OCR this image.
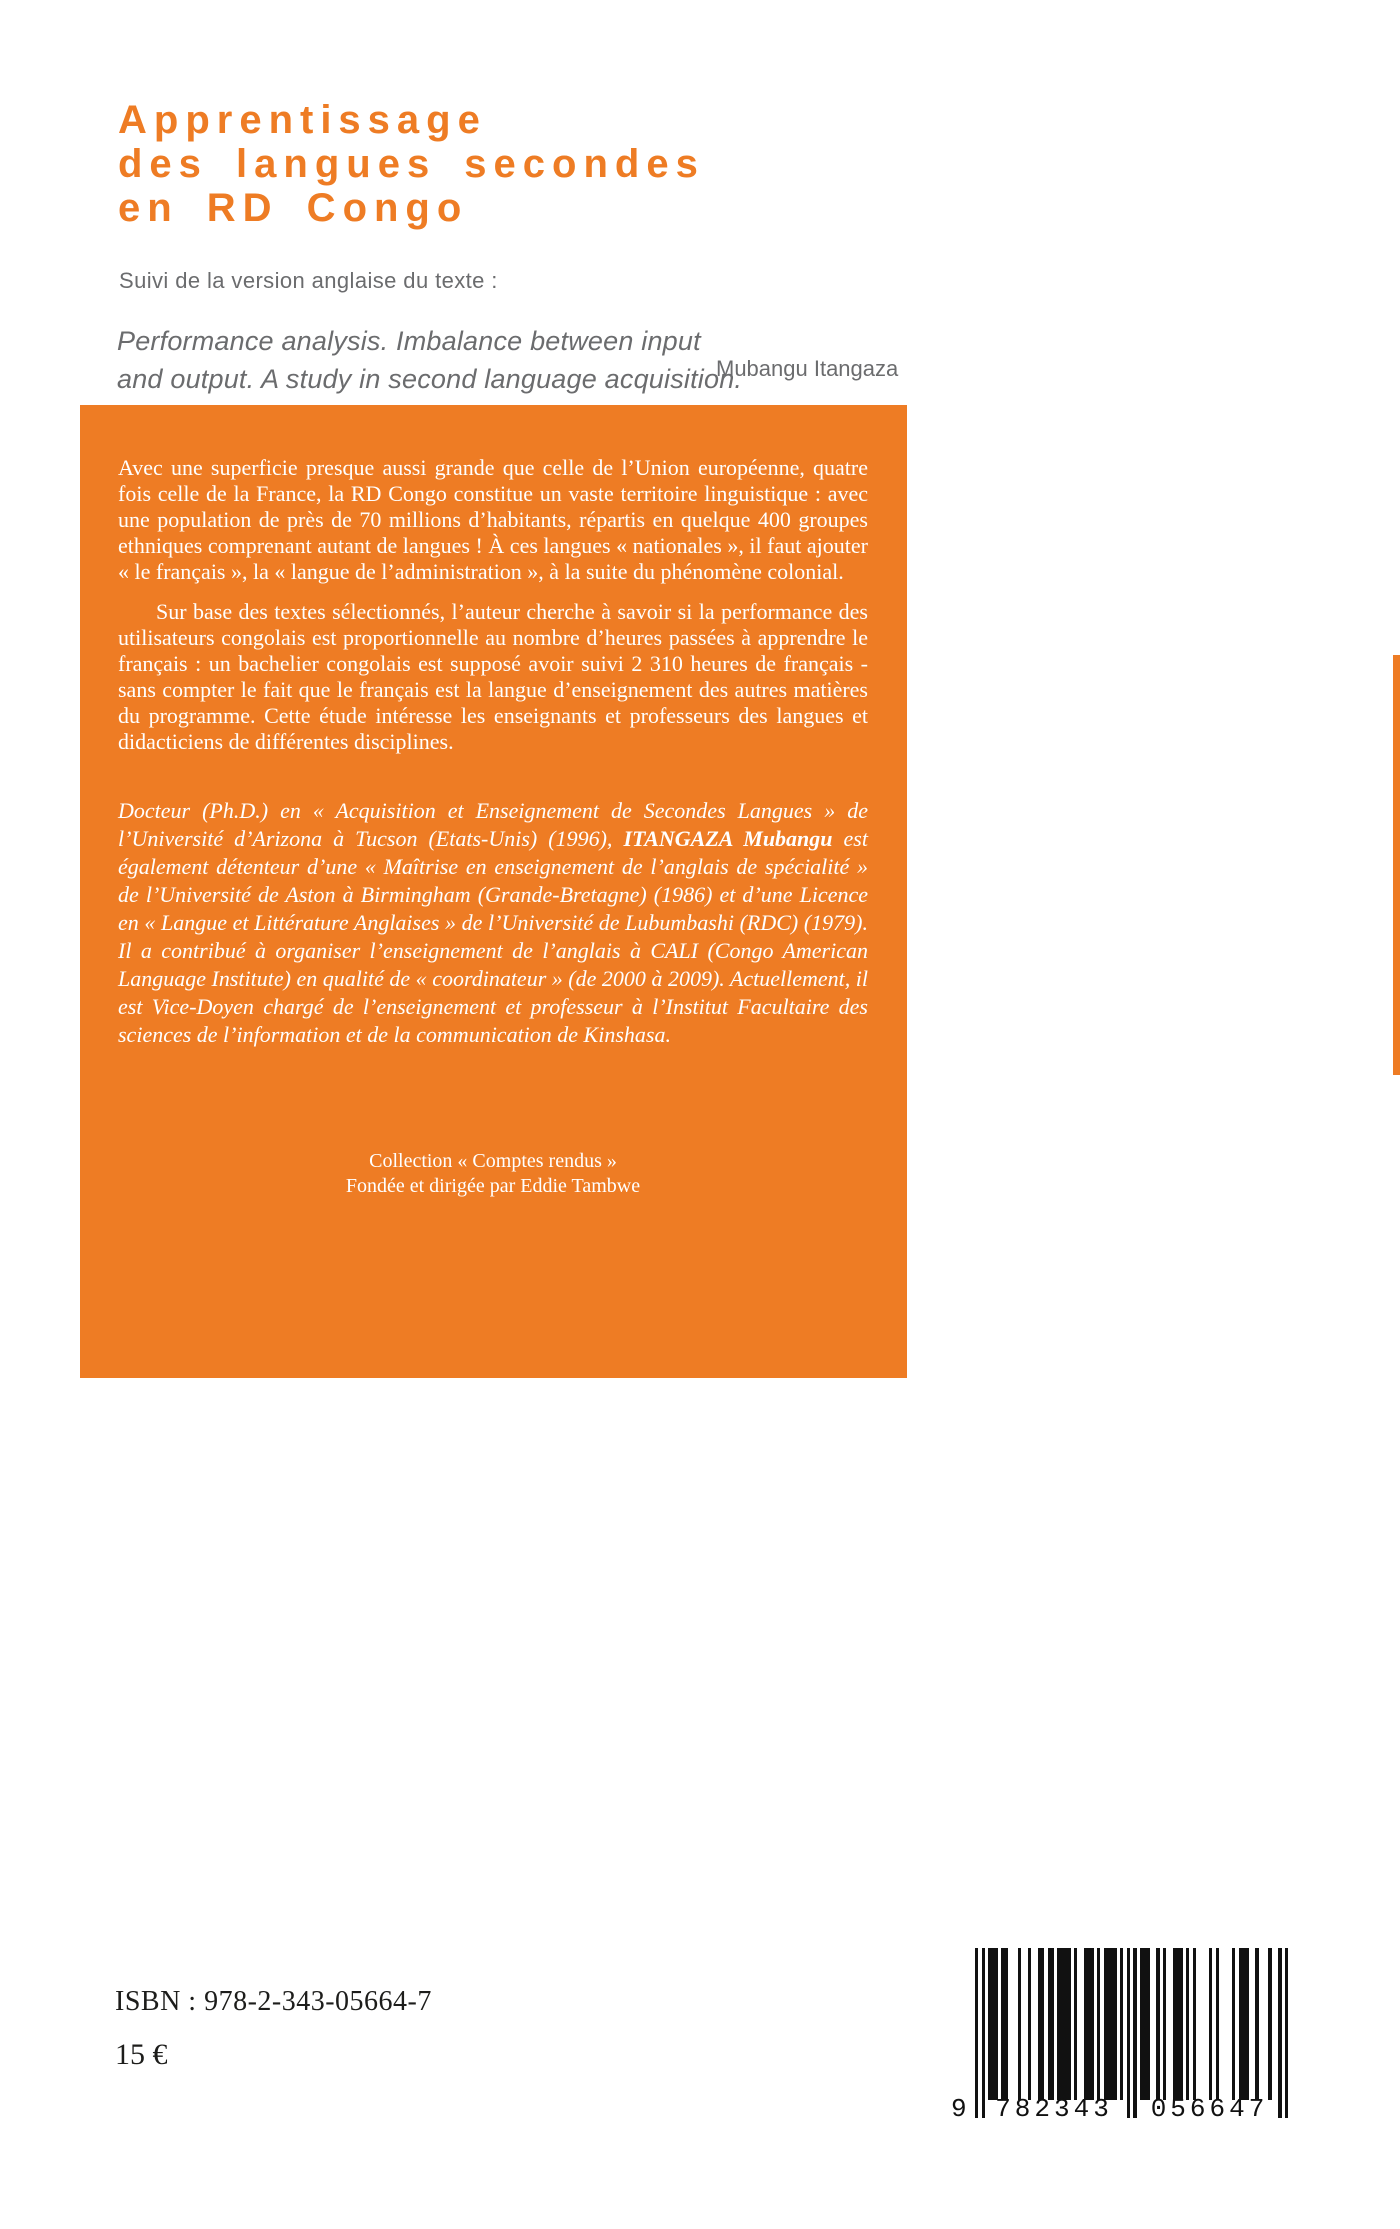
Apprentissage
des langues secondes
en RD Congo
Suivi de la version anglaise du texte :
Performance analysis. Imbalance between input
and output. A study in second language acquisition.
Mubangu Itangaza

Avec une superficie presque aussi grande que celle de l’Union européenne, quatre fois celle de la France, la RD Congo constitue un vaste territoire linguistique : avec une population de près de 70 millions d’habitants, répartis en quelque 400 groupes ethniques comprenant autant de langues ! À ces langues « nationales », il faut ajouter « le français », la « langue de l’administration », à la suite du phénomène colonial.

Sur base des textes sélectionnés, l’auteur cherche à savoir si la performance des utilisateurs congolais est proportionnelle au nombre d’heures passées à apprendre le français : un bachelier congolais est supposé avoir suivi 2 310 heures de français - sans compter le fait que le français est la langue d’enseignement des autres matières du programme. Cette étude intéresse les enseignants et professeurs des langues et didacticiens de différentes disciplines.

Docteur (Ph.D.) en « Acquisition et Enseignement de Secondes Langues » de l’Université d’Arizona à Tucson (Etats-Unis) (1996), ITANGAZA Mubangu est également détenteur d’une « Maîtrise en enseignement de l’anglais de spécialité » de l’Université de Aston à Birmingham (Grande-Bretagne) (1986) et d’une Licence en « Langue et Littérature Anglaises » de l’Université de Lubumbashi (RDC) (1979). Il a contribué à organiser l’enseignement de l’anglais à CALI (Congo American Language Institute) en qualité de « coordinateur » (de 2000 à 2009). Actuellement, il est Vice-Doyen chargé de l’enseignement et professeur à l’Institut Facultaire des sciences de l’information et de la communication de Kinshasa.

Collection « Comptes rendus »
Fondée et dirigée par Eddie Tambwe
ISBN : 978-2-343-05664-7
15 €
9	782343	056647
